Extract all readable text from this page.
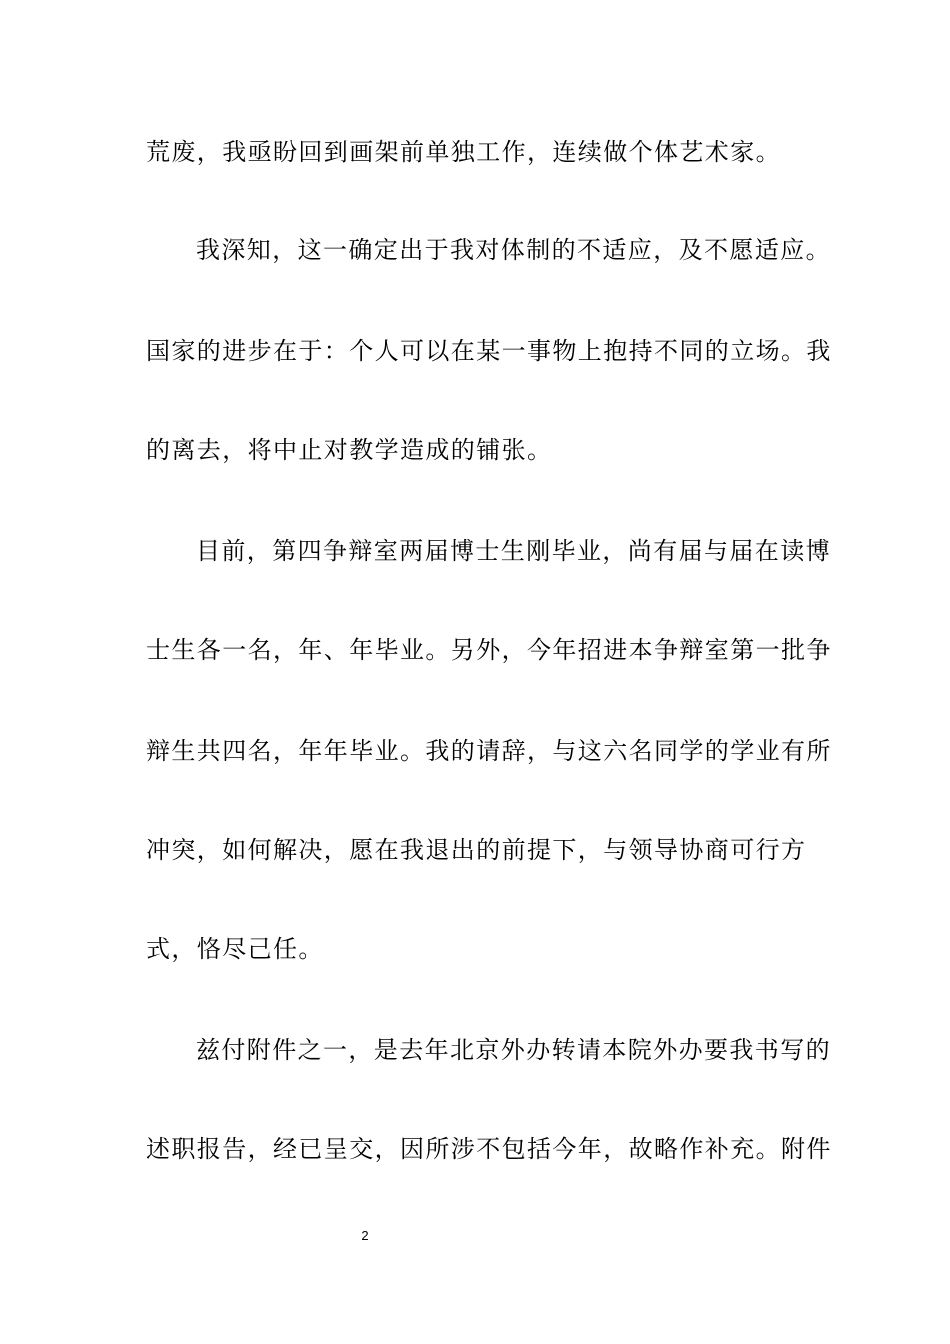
荒废，我亟盼回到画架前单独工作，连续做个体艺术家。
我深知，这一确定出于我对体制的不适应，及不愿适应。
国家的进步在于：个人可以在某一事物上抱持不同的立场。我
的离去，将中止对教学造成的铺张。
目前，第四争辩室两届博士生刚毕业，尚有届与届在读博
士生各一名，年、年毕业。另外，今年招进本争辩室第一批争
辩生共四名，年年毕业。我的请辞，与这六名同学的学业有所
冲突，如何解决，愿在我退出的前提下，与领导协商可行方
式，恪尽己任。
兹付附件之一，是去年北京外办转请本院外办要我书写的
述职报告，经已呈交，因所涉不包括今年，故略作补充。附件
2
